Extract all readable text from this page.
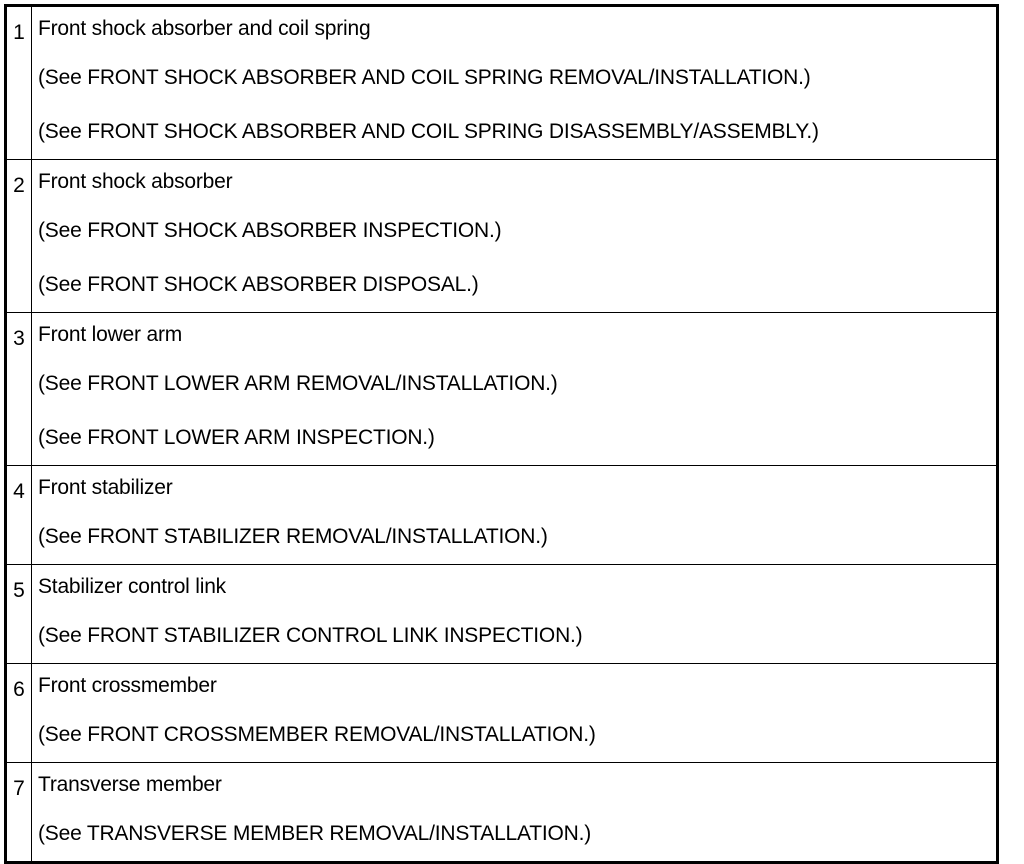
1	Front shock absorber and coil spring
(See FRONT SHOCK ABSORBER AND COIL SPRING REMOVAL/INSTALLATION.)
(See FRONT SHOCK ABSORBER AND COIL SPRING DISASSEMBLY/ASSEMBLY.)

2	Front shock absorber
(See FRONT SHOCK ABSORBER INSPECTION.)
(See FRONT SHOCK ABSORBER DISPOSAL.)

3	Front lower arm
(See FRONT LOWER ARM REMOVAL/INSTALLATION.)
(See FRONT LOWER ARM INSPECTION.)

4	Front stabilizer
(See FRONT STABILIZER REMOVAL/INSTALLATION.)

5	Stabilizer control link
(See FRONT STABILIZER CONTROL LINK INSPECTION.)

6	Front crossmember
(See FRONT CROSSMEMBER REMOVAL/INSTALLATION.)

7	Transverse member
(See TRANSVERSE MEMBER REMOVAL/INSTALLATION.)
